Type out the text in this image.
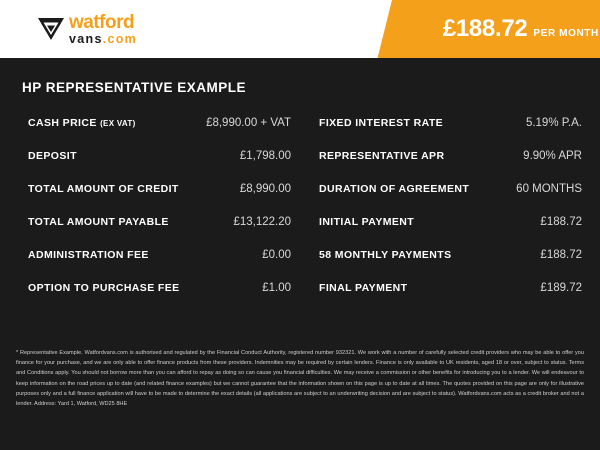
watford
vans.com	£188.72 PER MONTH
HP REPRESENTATIVE EXAMPLE
CASH PRICE (EX VAT)	£8,990.00 + VAT
DEPOSIT	£1,798.00
TOTAL AMOUNT OF CREDIT	£8,990.00
TOTAL AMOUNT PAYABLE	£13,122.20
ADMINISTRATION FEE	£0.00
OPTION TO PURCHASE FEE	£1.00
FIXED INTEREST RATE	5.19% P.A.
REPRESENTATIVE APR	9.90% APR
DURATION OF AGREEMENT	60 MONTHS
INITIAL PAYMENT	£188.72
58 MONTHLY PAYMENTS	£188.72
FINAL PAYMENT	£189.72
* Representative Example. Watfordvans.com is authorised and regulated by the Financial Conduct Authority, registered number 932321. We work with a number of carefully selected credit providers who may be able to offer you finance for your purchase, and we are only able to offer finance products from these providers. Indemnities may be required by certain lenders. Finance is only available to UK residents, aged 18 or over, subject to status. Terms and Conditions apply. You should not borrow more than you can afford to repay as doing so can cause you financial difficulties. We may receive a commission or other benefits for introducing you to a lender. We will endeavour to keep information on the road prices up to date (and related finance examples) but we cannot guarantee that the information shown on this page is up to date at all times. The quotes provided on this page are only for illustrative purposes only and a full finance application will have to be made to determine the exact details (all applications are subject to an underwriting decision and are subject to status). Watfordvans.com acts as a credit broker and not a lender. Address: Yard 1, Watford, WD25 8HE
